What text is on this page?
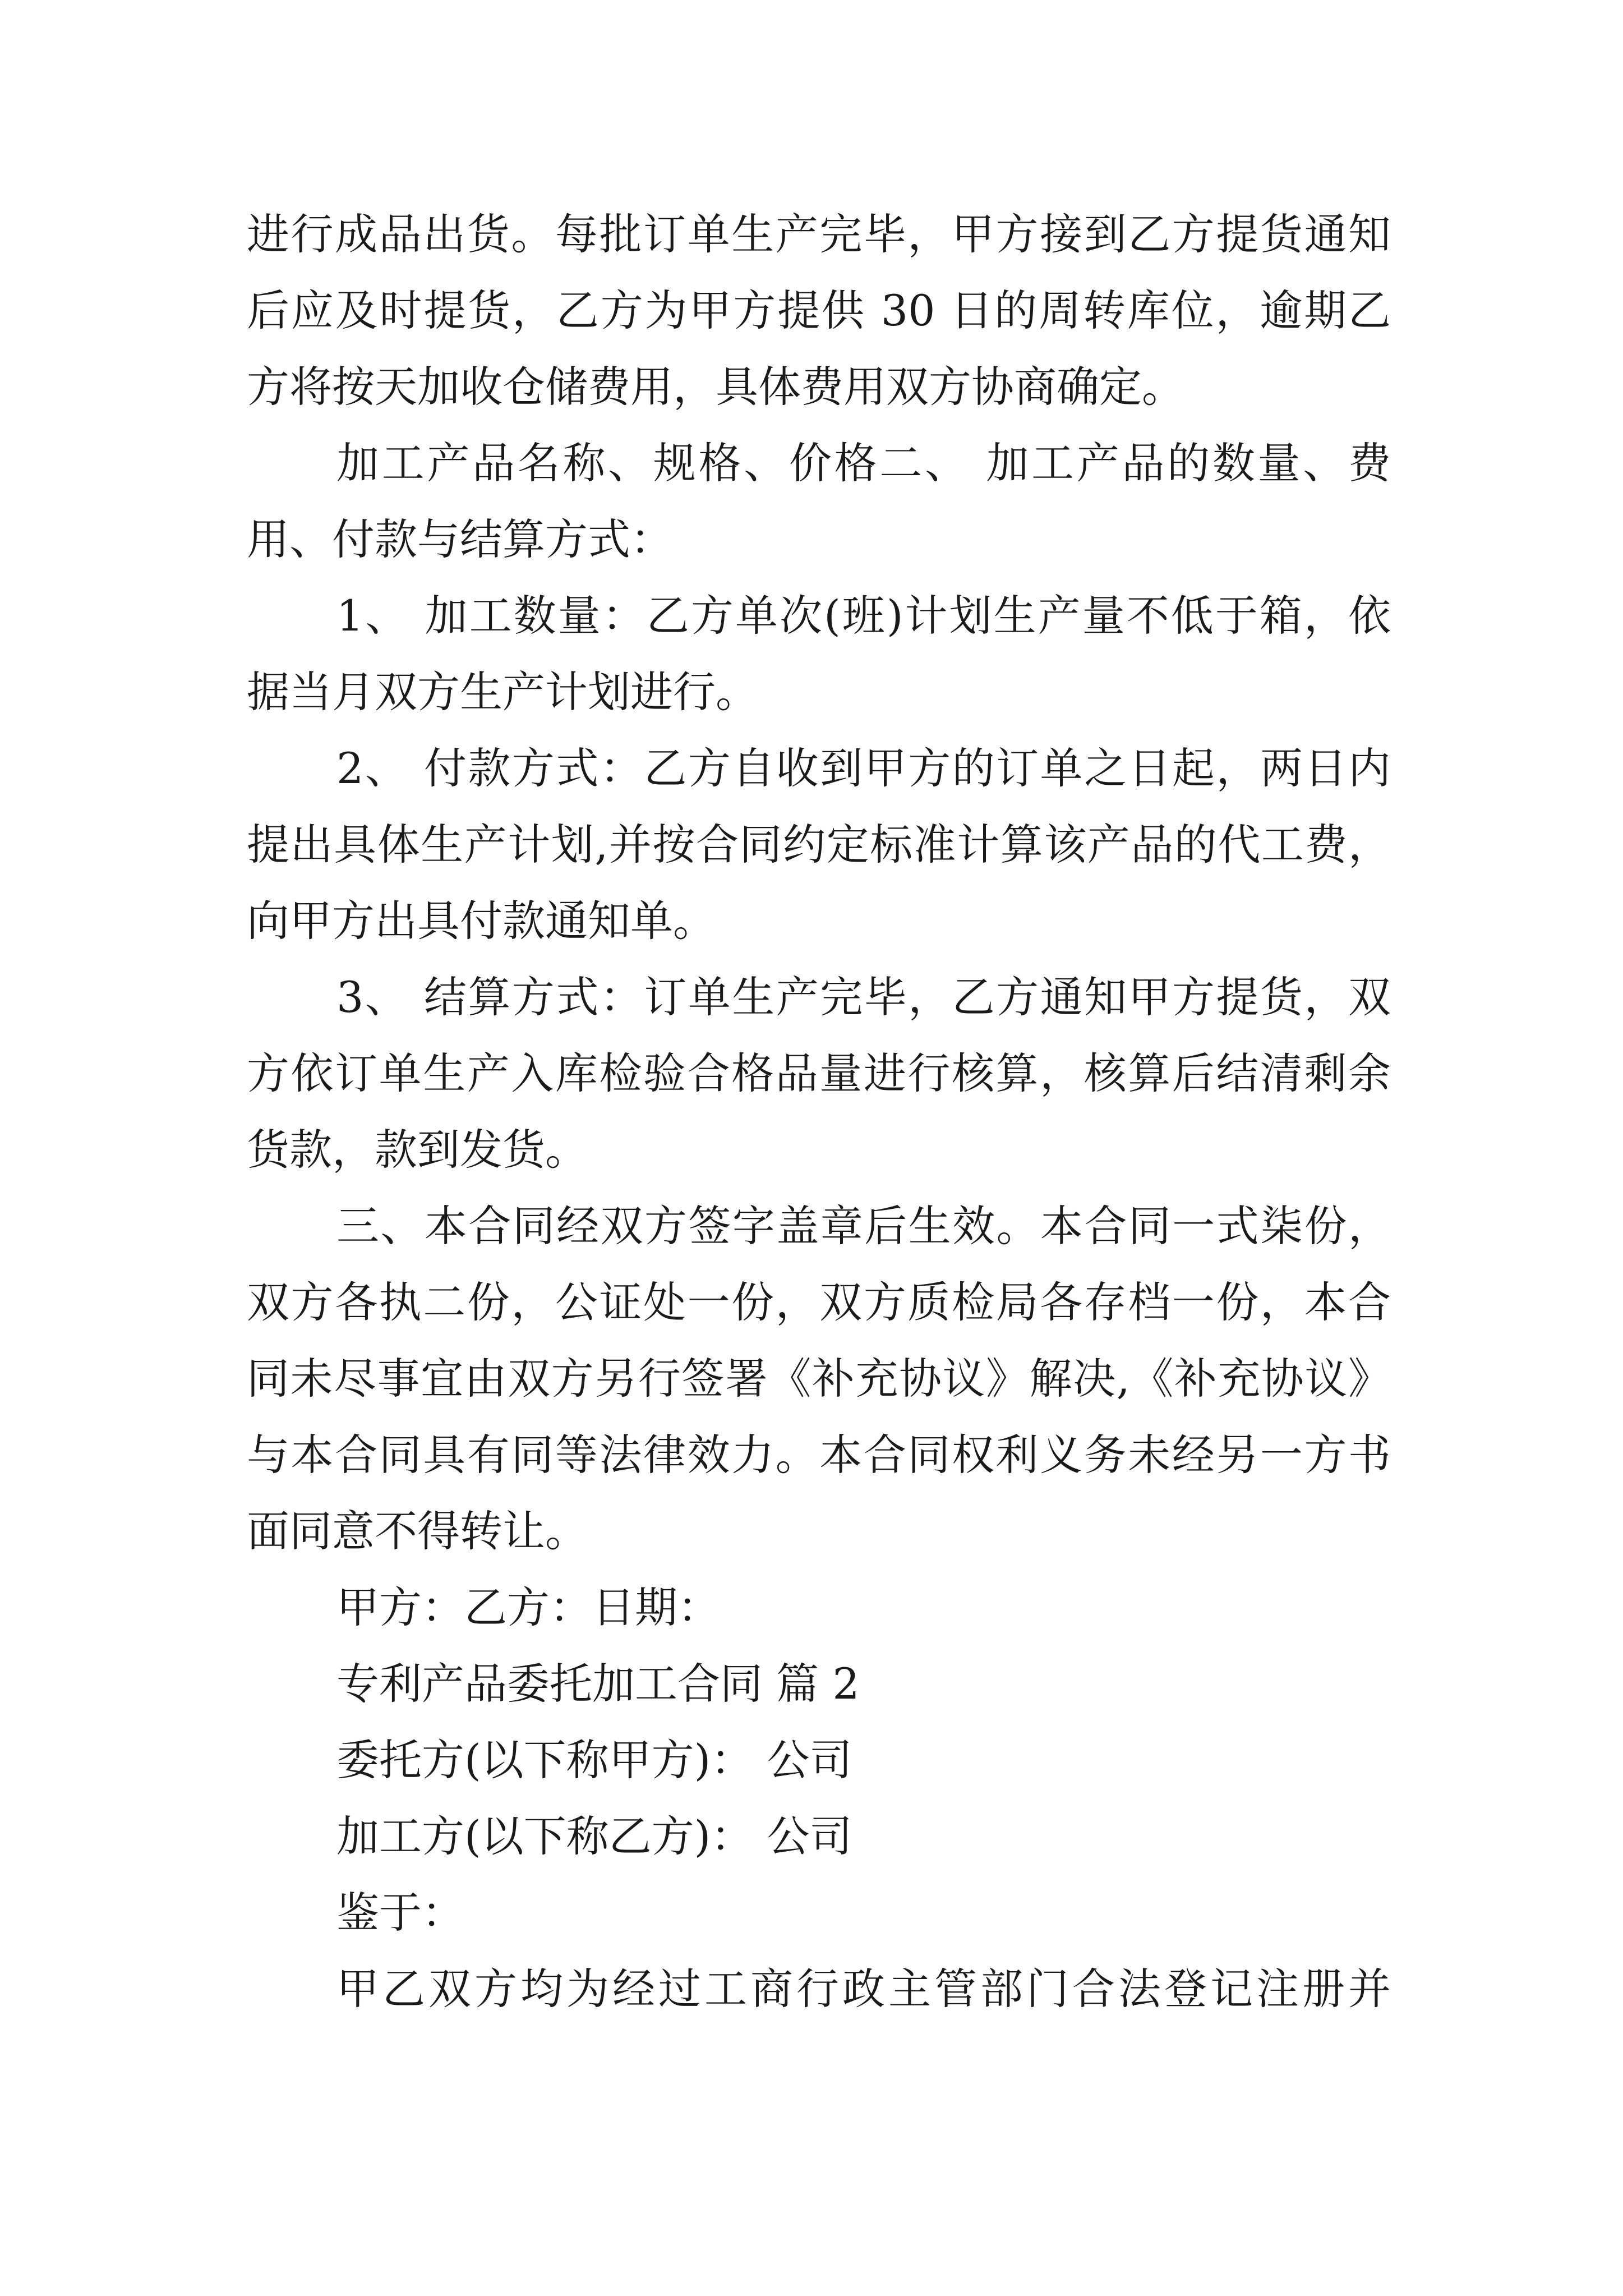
进行成品出货。每批订单生产完毕，甲方接到乙方提货通知
后应及时提货，乙方为甲方提供 30 日的周转库位，逾期乙
方将按天加收仓储费用，具体费用双方协商确定。
加工产品名称、规格、价格二、 加工产品的数量、费
用、付款与结算方式：
1、 加工数量：乙方单次(班)计划生产量不低于箱，依
据当月双方生产计划进行。
2、 付款方式：乙方自收到甲方的订单之日起，两日内
提出具体生产计划,并按合同约定标准计算该产品的代工费，
向甲方出具付款通知单。
3、 结算方式：订单生产完毕，乙方通知甲方提货，双
方依订单生产入库检验合格品量进行核算，核算后结清剩余
货款，款到发货。
三、本合同经双方签字盖章后生效。本合同一式柒份，
双方各执二份，公证处一份，双方质检局各存档一份，本合
同未尽事宜由双方另行签署《补充协议》解决,《补充协议》
与本合同具有同等法律效力。本合同权利义务未经另一方书
面同意不得转让。
甲方：乙方：日期：
专利产品委托加工合同 篇 2
委托方(以下称甲方)： 公司
加工方(以下称乙方)： 公司
鉴于：
甲乙双方均为经过工商行政主管部门合法登记注册并
